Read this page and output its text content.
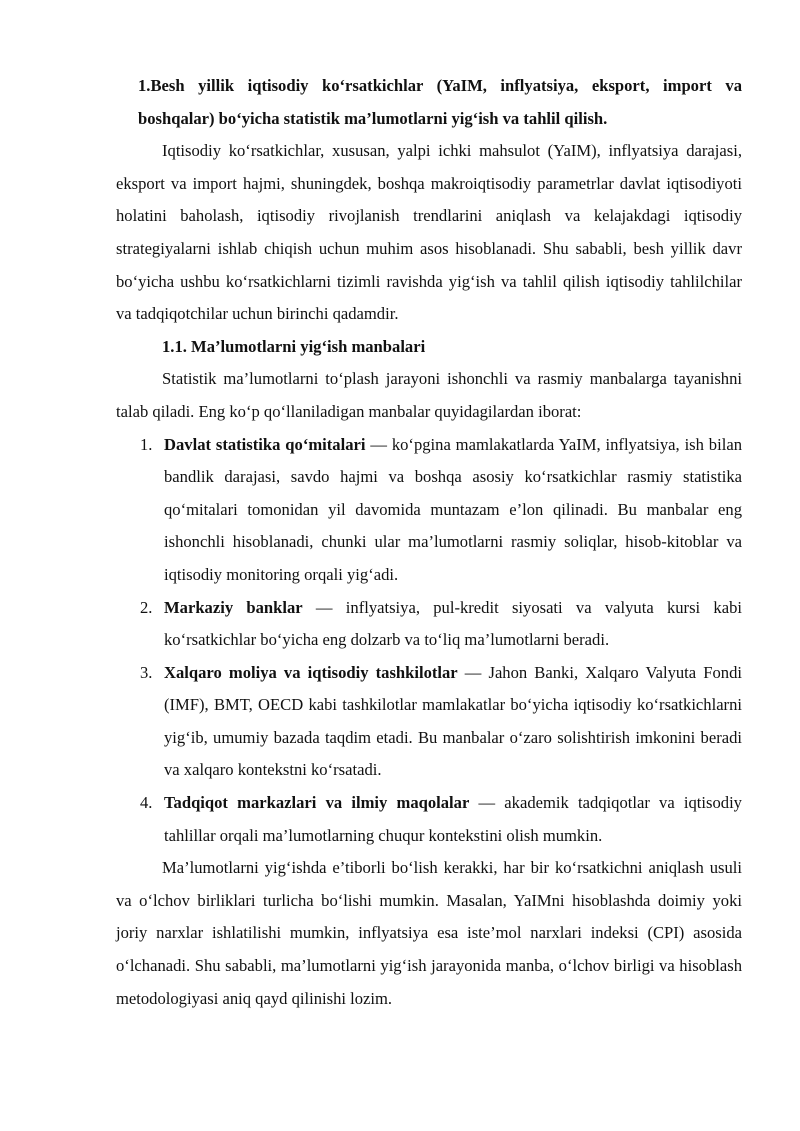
1.Besh yillik iqtisodiy ko‘rsatkichlar (YaIM, inflyatsiya, eksport, import va boshqalar) bo‘yicha statistik ma’lumotlarni yig‘ish va tahlil qilish.

Iqtisodiy ko‘rsatkichlar, xususan, yalpi ichki mahsulot (YaIM), inflyatsiya darajasi, eksport va import hajmi, shuningdek, boshqa makroiqtisodiy parametrlar davlat iqtisodiyoti holatini baholash, iqtisodiy rivojlanish trendlarini aniqlash va kelajakdagi iqtisodiy strategiyalarni ishlab chiqish uchun muhim asos hisoblanadi. Shu sababli, besh yillik davr bo‘yicha ushbu ko‘rsatkichlarni tizimli ravishda yig‘ish va tahlil qilish iqtisodiy tahlilchilar va tadqiqotchilar uchun birinchi qadamdir.

1.1. Ma’lumotlarni yig‘ish manbalari

Statistik ma’lumotlarni to‘plash jarayoni ishonchli va rasmiy manbalarga tayanishni talab qiladi. Eng ko‘p qo‘llaniladigan manbalar quyidagilardan iborat:

1. Davlat statistika qo‘mitalari — ko‘pgina mamlakatlarda YaIM, inflyatsiya, ish bilan bandlik darajasi, savdo hajmi va boshqa asosiy ko‘rsatkichlar rasmiy statistika qo‘mitalari tomonidan yil davomida muntazam e’lon qilinadi. Bu manbalar eng ishonchli hisoblanadi, chunki ular ma’lumotlarni rasmiy soliqlar, hisob-kitoblar va iqtisodiy monitoring orqali yig‘adi.
2. Markaziy banklar — inflyatsiya, pul-kredit siyosati va valyuta kursi kabi ko‘rsatkichlar bo‘yicha eng dolzarb va to‘liq ma’lumotlarni beradi.
3. Xalqaro moliya va iqtisodiy tashkilotlar — Jahon Banki, Xalqaro Valyuta Fondi (IMF), BMT, OECD kabi tashkilotlar mamlakatlar bo‘yicha iqtisodiy ko‘rsatkichlarni yig‘ib, umumiy bazada taqdim etadi. Bu manbalar o‘zaro solishtirish imkonini beradi va xalqaro kontekstni ko‘rsatadi.
4. Tadqiqot markazlari va ilmiy maqolalar — akademik tadqiqotlar va iqtisodiy tahlillar orqali ma’lumotlarning chuqur kontekstini olish mumkin.

Ma’lumotlarni yig‘ishda e’tiborli bo‘lish kerakki, har bir ko‘rsatkichni aniqlash usuli va o‘lchov birliklari turlicha bo‘lishi mumkin. Masalan, YaIMni hisoblashda doimiy yoki joriy narxlar ishlatilishi mumkin, inflyatsiya esa iste’mol narxlari indeksi (CPI) asosida o‘lchanadi. Shu sababli, ma’lumotlarni yig‘ish jarayonida manba, o‘lchov birligi va hisoblash metodologiyasi aniq qayd qilinishi lozim.
